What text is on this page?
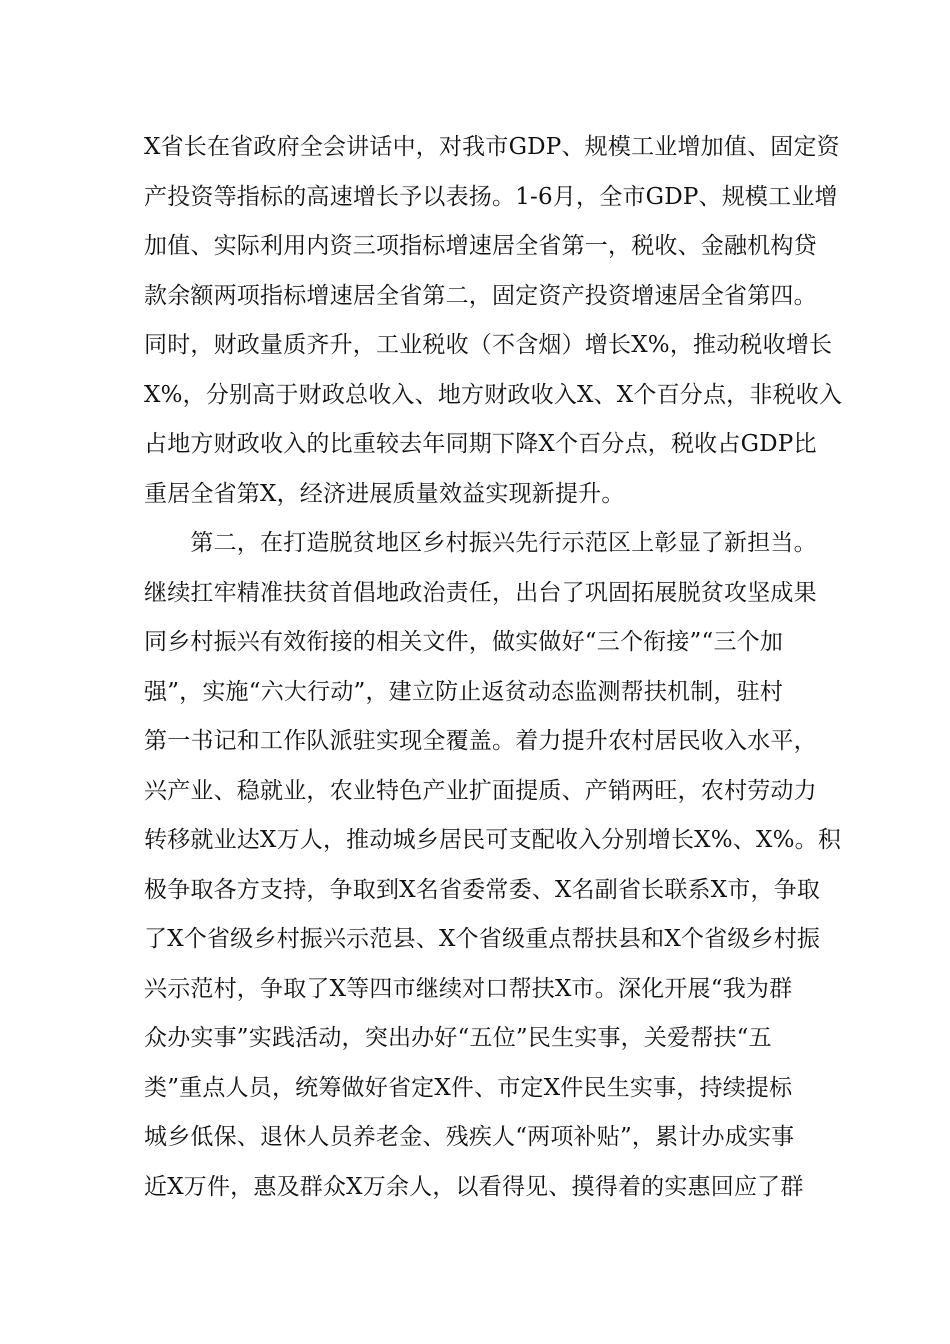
X省长在省政府全会讲话中，对我市GDP、规模工业增加值、固定资
产投资等指标的高速增长予以表扬。1-6月，全市GDP、规模工业增
加值、实际利用内资三项指标增速居全省第一，税收、金融机构贷
款余额两项指标增速居全省第二，固定资产投资增速居全省第四。
同时，财政量质齐升，工业税收（不含烟）增长X%，推动税收增长
X%，分别高于财政总收入、地方财政收入X、X个百分点，非税收入
占地方财政收入的比重较去年同期下降X个百分点，税收占GDP比
重居全省第X，经济进展质量效益实现新提升。
　　第二，在打造脱贫地区乡村振兴先行示范区上彰显了新担当。
继续扛牢精准扶贫首倡地政治责任，出台了巩固拓展脱贫攻坚成果
同乡村振兴有效衔接的相关文件，做实做好“三个衔接”“三个加
强”，实施“六大行动”，建立防止返贫动态监测帮扶机制，驻村
第一书记和工作队派驻实现全覆盖。着力提升农村居民收入水平，
兴产业、稳就业，农业特色产业扩面提质、产销两旺，农村劳动力
转移就业达X万人，推动城乡居民可支配收入分别增长X%、X%。积
极争取各方支持，争取到X名省委常委、X名副省长联系X市，争取
了X个省级乡村振兴示范县、X个省级重点帮扶县和X个省级乡村振
兴示范村，争取了X等四市继续对口帮扶X市。深化开展“我为群
众办实事”实践活动，突出办好“五位”民生实事，关爱帮扶“五
类”重点人员，统筹做好省定X件、市定X件民生实事，持续提标
城乡低保、退休人员养老金、残疾人“两项补贴”，累计办成实事
近X万件，惠及群众X万余人，以看得见、摸得着的实惠回应了群
